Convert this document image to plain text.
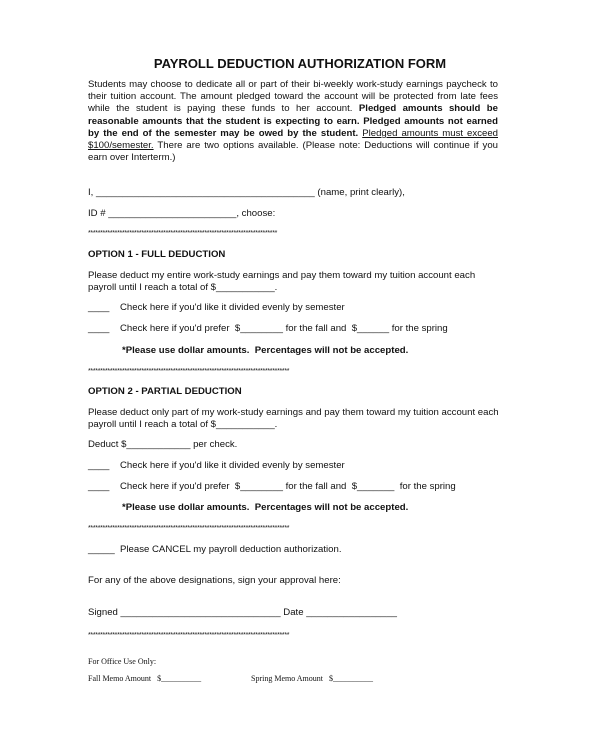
PAYROLL DEDUCTION AUTHORIZATION FORM
Students may choose to dedicate all or part of their bi-weekly work-study earnings paycheck to their tuition account. The amount pledged toward the account will be protected from late fees while the student is paying these funds to her account. Pledged amounts should be reasonable amounts that the student is expecting to earn. Pledged amounts not earned by the end of the semester may be owed by the student. Pledged amounts must exceed $100/semester. There are two options available. (Please note: Deductions will continue if you earn over Interterm.)
I, _________________________________________ (name, print clearly),
ID # ________________________, choose:
******************************************************************************
OPTION 1 - FULL DEDUCTION
Please deduct my entire work-study earnings and pay them toward my tuition account each
payroll until I reach a total of $___________.
____    Check here if you'd like it divided evenly by semester
____    Check here if you'd prefer  $________ for the fall and  $______ for the spring
*Please use dollar amounts.  Percentages will not be accepted.
***********************************************************************************
OPTION 2 - PARTIAL DEDUCTION
Please deduct only part of my work-study earnings and pay them toward my tuition account each
payroll until I reach a total of $___________.
Deduct $____________ per check.
____    Check here if you'd like it divided evenly by semester
____    Check here if you'd prefer  $________ for the fall and  $_______  for the spring
*Please use dollar amounts.  Percentages will not be accepted.
***********************************************************************************
_____  Please CANCEL my payroll deduction authorization.
For any of the above designations, sign your approval here:
Signed ______________________________ Date _________________
***********************************************************************************
For Office Use Only:
Fall Memo Amount   $__________	Spring Memo Amount   $__________
